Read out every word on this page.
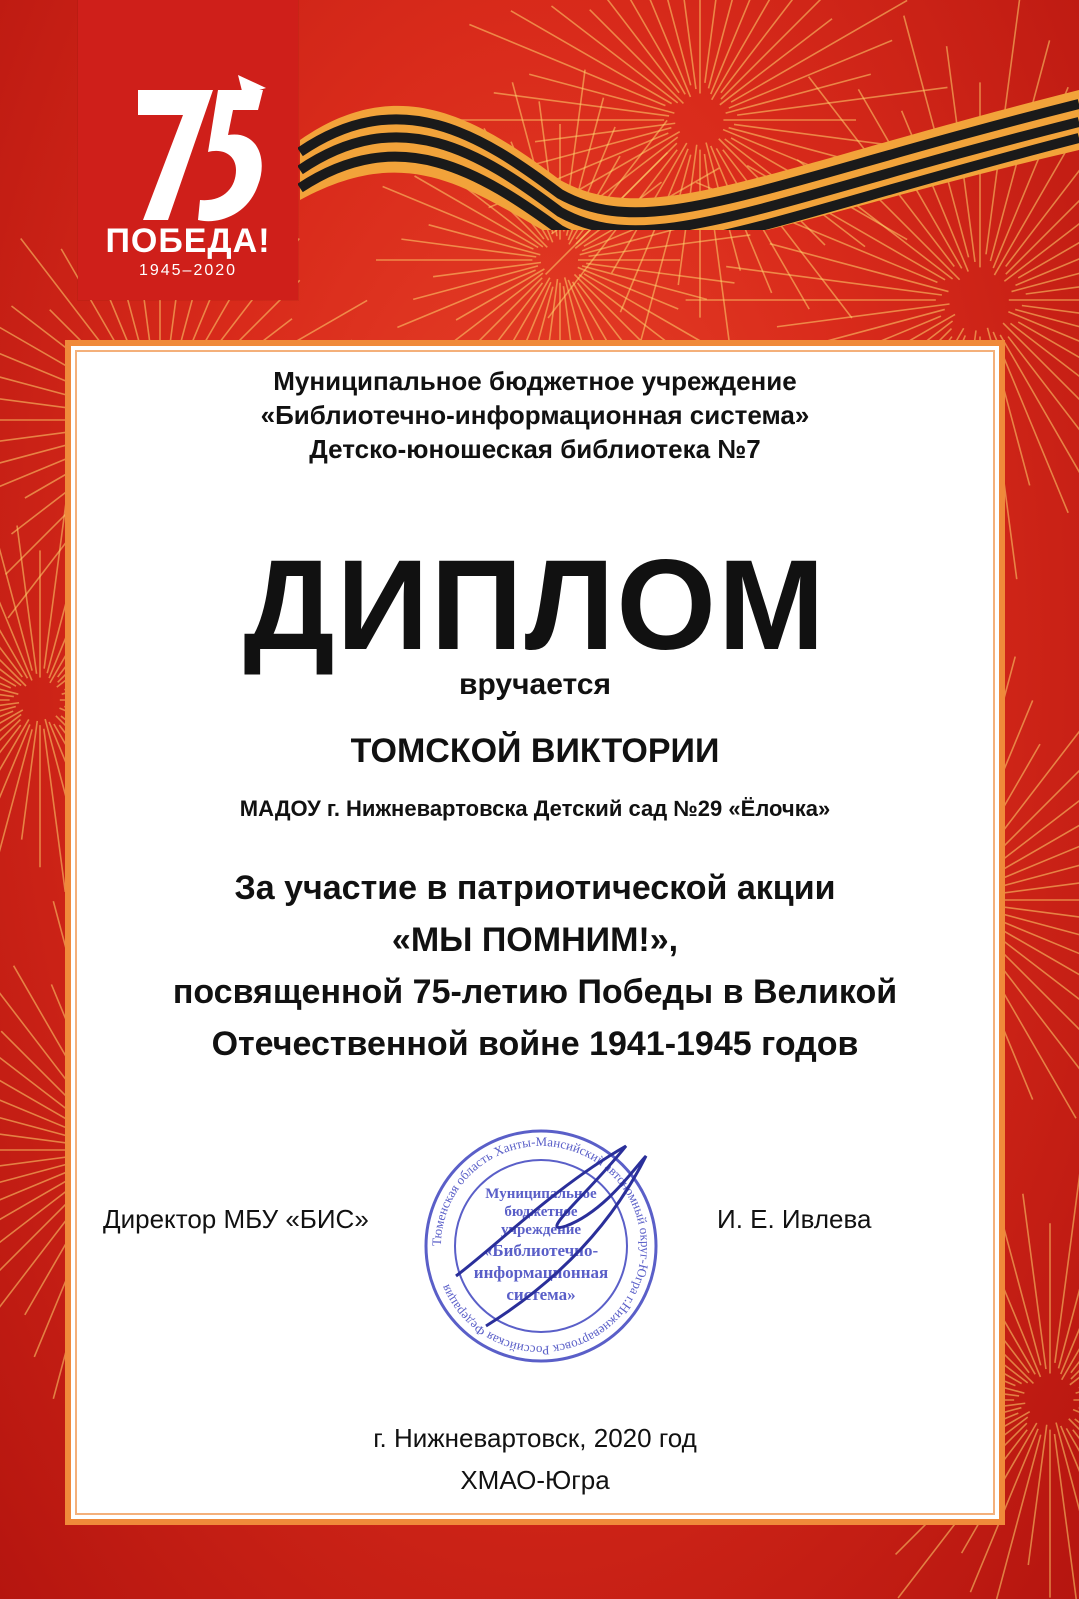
ПОБЕДА!
1945–2020
Муниципальное бюджетное учреждение
«Библиотечно-информационная система»
Детско-юношеская библиотека №7
ДИПЛОМ
вручается
ТОМСКОЙ ВИКТОРИИ
МАДОУ г. Нижневартовска Детский сад №29 «Ёлочка»
За участие в патриотической акции
«МЫ ПОМНИМ!»,
посвященной 75-летию Победы в Великой
Отечественной войне 1941-1945 годов
Директор МБУ «БИС»	И. Е. Ивлева
Тюменская область Ханты-Мансийский автономный округ-Югра г.Нижневартовск Российская Федерация
Муниципальное
бюджетное
учреждение
«Библиотечно-
информационная
система»
г. Нижневартовск, 2020 год
ХМАО-Югра
